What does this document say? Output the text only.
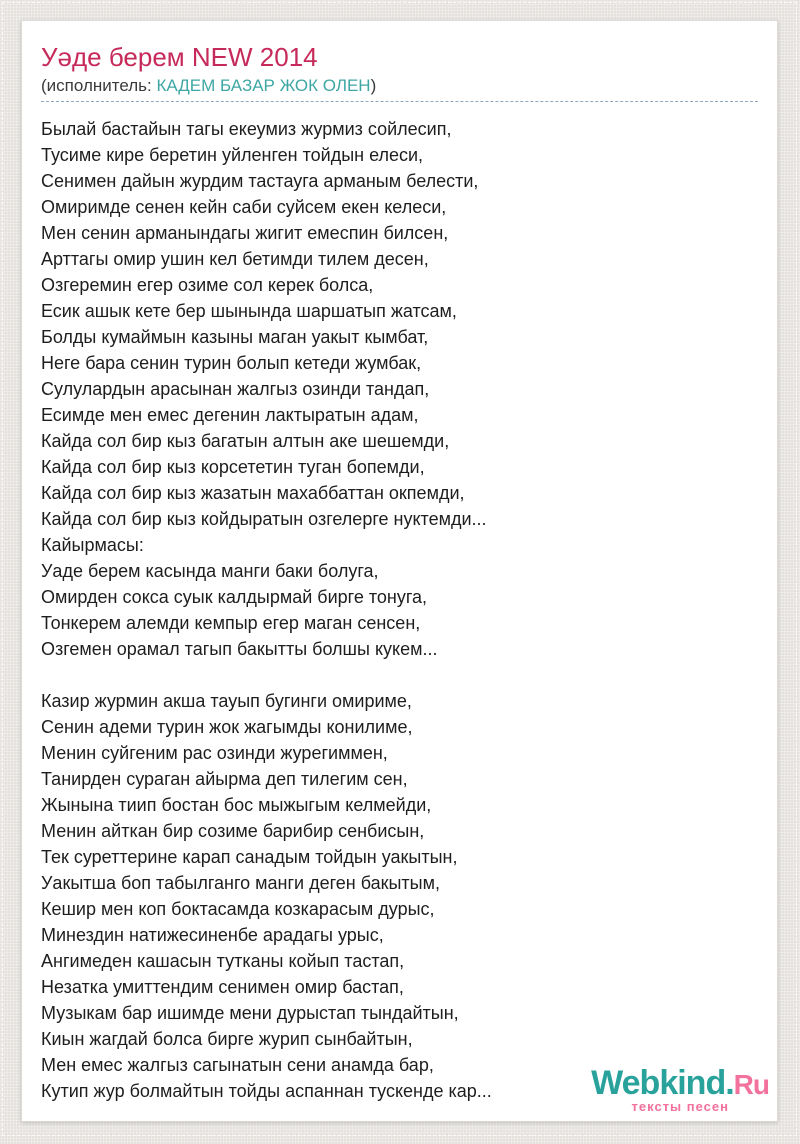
Уәде берем NEW 2014
(исполнитель: КАДЕМ БАЗАР ЖОК ОЛЕН)
Былай бастайын тагы екеумиз журмиз сойлесип,
Тусиме кире беретин уйленген тойдын елеси,
Сенимен дайын журдим тастауга арманым белести,
Омиримде сенен кейн саби суйсем екен келеси,
Мен сенин арманындагы жигит емеспин билсен,
Арттагы омир ушин кел бетимди тилем десен,
Озгеремин егер озиме сол керек болса,
Есик ашык кете бер шынында шаршатып жатсам,
Болды кумаймын казыны маган уакыт кымбат,
Неге бара сенин турин болып кетеди жумбак,
Сулулардын арасынан жалгыз озинди тандап,
Есимде мен емес дегенин лактыратын адам,
Кайда сол бир кыз багатын алтын аке шешемди,
Кайда сол бир кыз корсететин туган бопемди,
Кайда сол бир кыз жазатын махаббаттан окпемди,
Кайда сол бир кыз койдыратын озгелерге нуктемди...
Кайырмасы:
Уаде берем касында манги баки болуга,
Омирден сокса суык калдырмай бирге тонуга,
Тонкерем алемди кемпыр егер маган сенсен,
Озгемен орамал тагып бакытты болшы кукем...
Казир журмин акша тауып бугинги омириме,
Сенин адеми турин жок жагымды конилиме,
Менин суйгеним рас озинди журегиммен,
Танирден сураган айырма деп тилегим сен,
Жынына тиип бостан бос мыжыгым келмейди,
Менин айткан бир созиме барибир сенбисын,
Тек суреттерине карап санадым тойдын уакытын,
Уакытша боп табылганго манги деген бакытым,
Кешир мен коп боктасамда козкарасым дурыс,
Минездин натижесиненбе арадагы урыс,
Ангимеден кашасын тутканы койып тастап,
Незатка умиттендим сенимен омир бастап,
Музыкам бар ишимде мени дурыстап тындайтын,
Киын жагдай болса бирге журип сынбайтын,
Мен емес жалгыз сагынатын сени анамда бар,
Кутип жур болмайтын тойды аспаннан тускенде кар...	Webkind.Ru
тексты песен
